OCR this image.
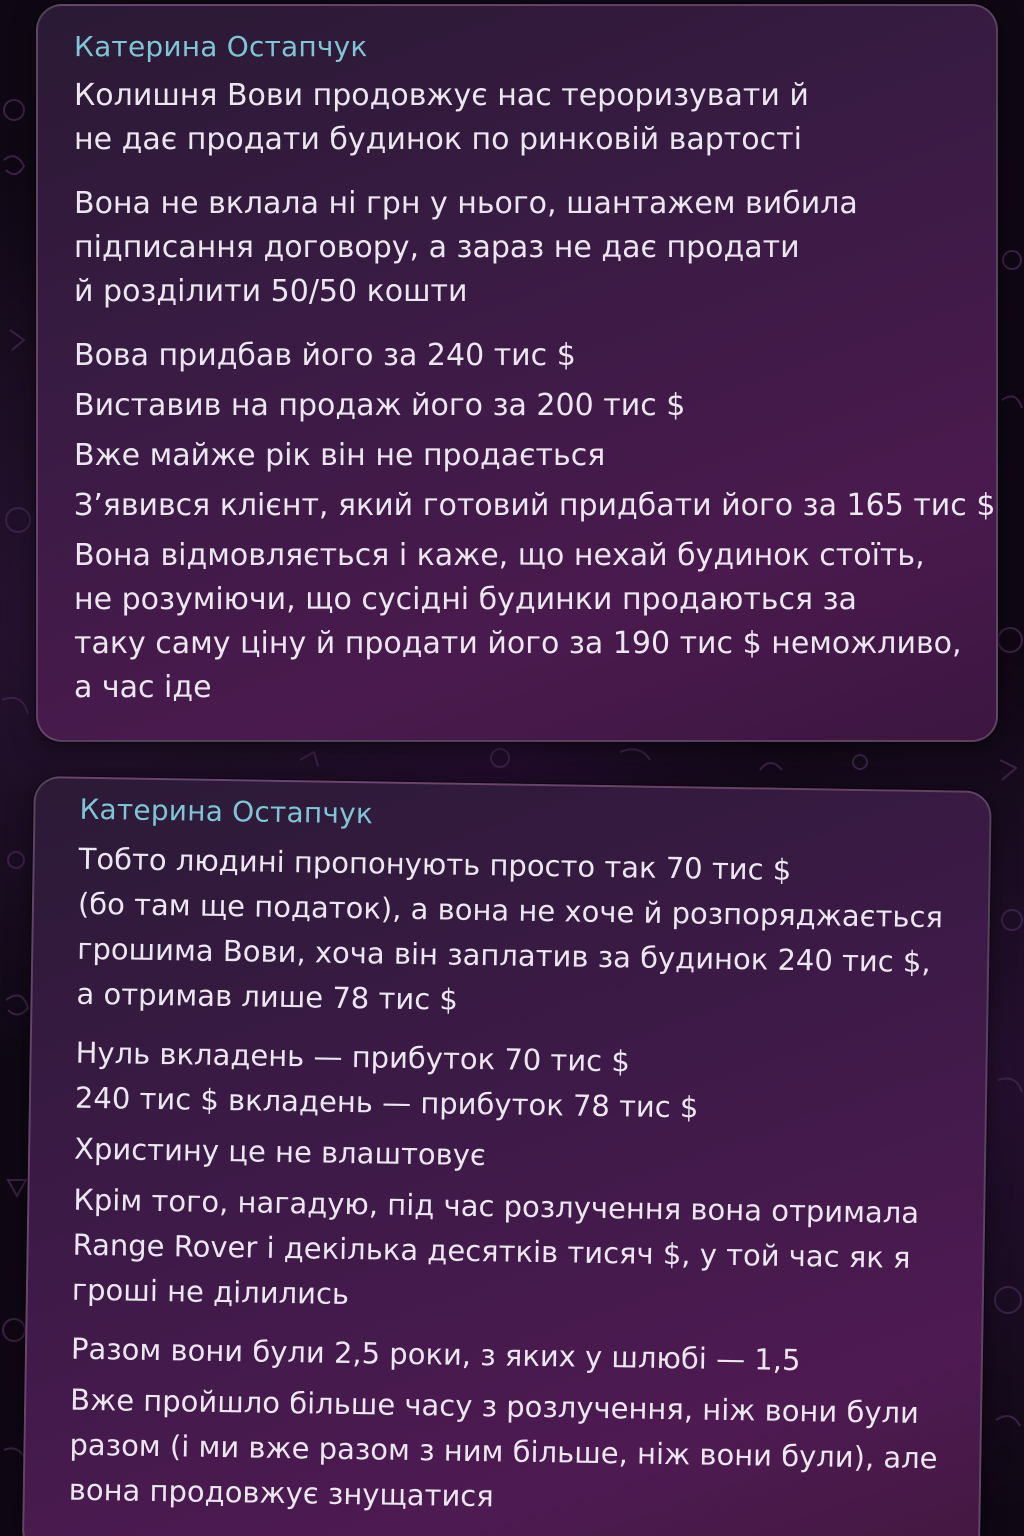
Катерина Остапчук

Колишня Вови продовжує нас тероризувати й
не дає продати будинок по ринковій вартості

Вона не вклала ні грн у нього, шантажем вибила
підписання договору, а зараз не дає продати
й розділити 50/50 кошти

Вова придбав його за 240 тис $

Виставив на продаж його за 200 тис $

Вже майже рік він не продається

З’явився клієнт, який готовий придбати його за 165 тис $

Вона відмовляється і каже, що нехай будинок стоїть,
не розуміючи, що сусідні будинки продаються за
таку саму ціну й продати його за 190 тис $ неможливо,
а час іде

Катерина Остапчук

Тобто людині пропонують просто так 70 тис $
(бо там ще податок), а вона не хоче й розпоряджається
грошима Вови, хоча він заплатив за будинок 240 тис $,
а отримав лише 78 тис $

Нуль вкладень — прибуток 70 тис $
240 тис $ вкладень — прибуток 78 тис $

Христину це не влаштовує

Крім того, нагадую, під час розлучення вона отримала
Range Rover і декілька десятків тисяч $, у той час як я
гроші не ділились

Разом вони були 2,5 роки, з яких у шлюбі — 1,5

Вже пройшло більше часу з розлучення, ніж вони були
разом (і ми вже разом з ним більше, ніж вони були), але
вона продовжує знущатися
